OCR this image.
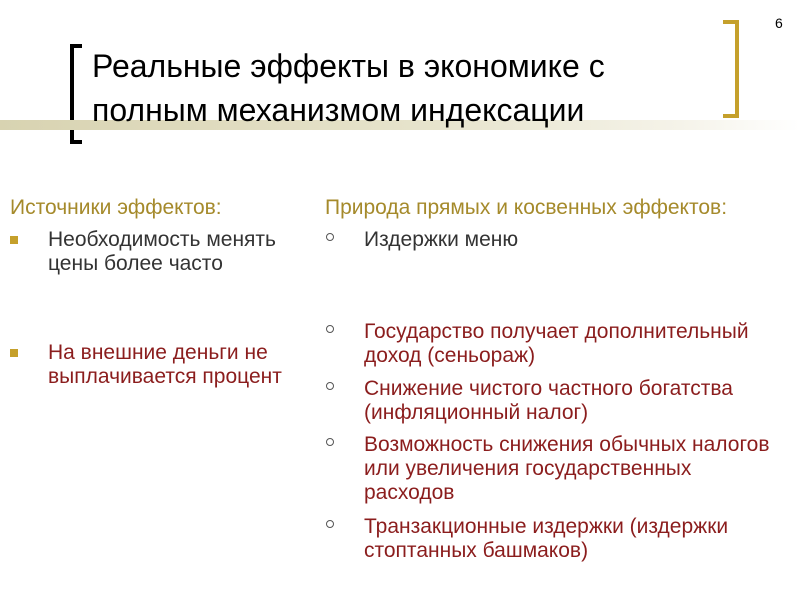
6
Реальные эффекты в экономике с полным механизмом индексации
Источники эффектов:	Природа прямых и косвенных эффектов:
Необходимость менять цены более часто
На внешние деньги не выплачивается процент
Издержки меню
Государство получает дополнительный доход (сеньораж)
Снижение чистого частного богатства (инфляционный налог)
Возможность снижения обычных налогов или увеличения государственных расходов
Транзакционные издержки (издержки стоптанных башмаков)
